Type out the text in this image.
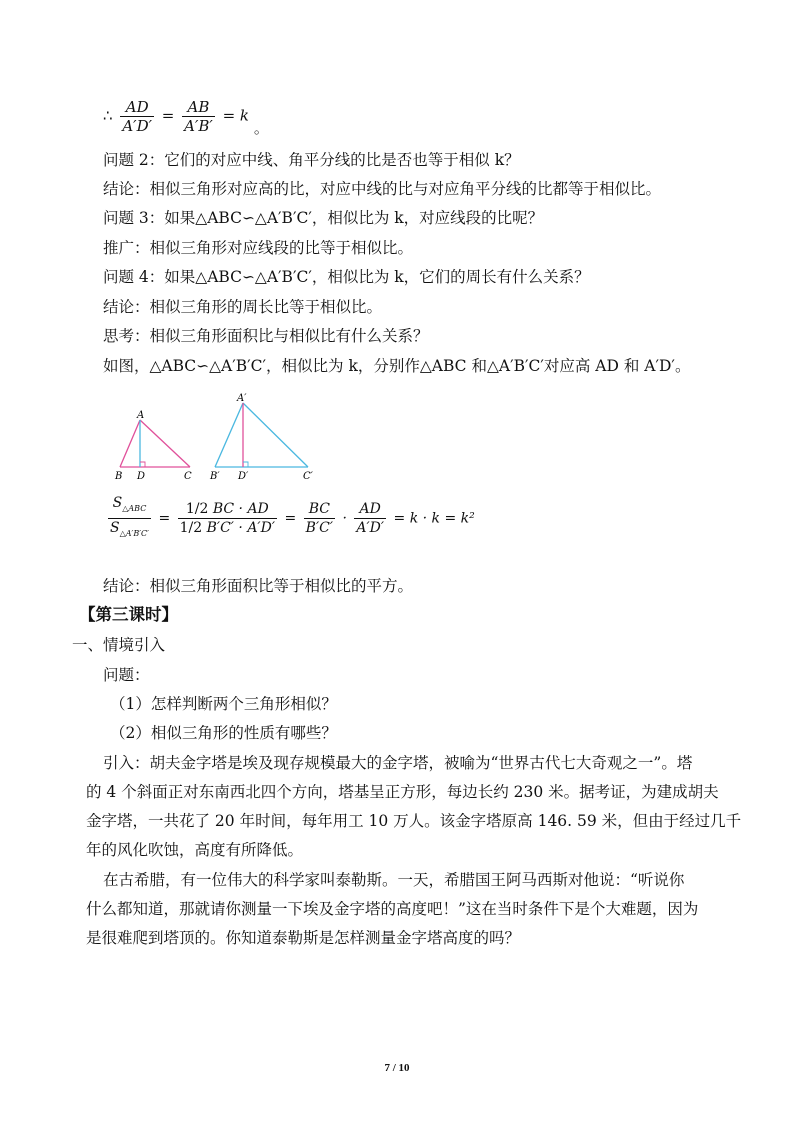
∴ $\frac{AD}{A'D'} = \frac{AB}{A'B'} = k$ 。
问题 2：它们的对应中线、角平分线的比是否也等于相似 k？
结论：相似三角形对应高的比，对应中线的比与对应角平分线的比都等于相似比。
问题 3：如果△ABC∽△A′B′C′，相似比为 k，对应线段的比呢？
推广：相似三角形对应线段的比等于相似比。
问题 4：如果△ABC∽△A′B′C′，相似比为 k，它们的周长有什么关系？
结论：相似三角形的周长比等于相似比。
思考：相似三角形面积比与相似比有什么关系？
如图，△ABC∽△A′B′C′，相似比为 k，分别作△ABC 和△A′B′C′对应高 AD 和 A′D′。
A
B D	C
A′
B′ D′	C′
$\frac{S_{\triangle ABC}}{S_{\triangle A'B'C'}} = \frac{1/2 BC \cdot AD}{1/2 B'C' \cdot A'D'} = \frac{BC}{B'C'} \cdot \frac{AD}{A'D'} = k \cdot k = k^2$
结论：相似三角形面积比等于相似比的平方。
【第三课时】
一、情境引入
问题：
（1）怎样判断两个三角形相似？
（2）相似三角形的性质有哪些？
引入：胡夫金字塔是埃及现存规模最大的金字塔，被喻为“世界古代七大奇观之一”。塔
的 4 个斜面正对东南西北四个方向，塔基呈正方形，每边长约 230 米。据考证，为建成胡夫
金字塔，一共花了 20 年时间，每年用工 10 万人。该金字塔原高 146. 59 米，但由于经过几千
年的风化吹蚀，高度有所降低。
在古希腊，有一位伟大的科学家叫泰勒斯。一天，希腊国王阿马西斯对他说：“听说你
什么都知道，那就请你测量一下埃及金字塔的高度吧！”这在当时条件下是个大难题，因为
是很难爬到塔顶的。你知道泰勒斯是怎样测量金字塔高度的吗？
7 / 10
